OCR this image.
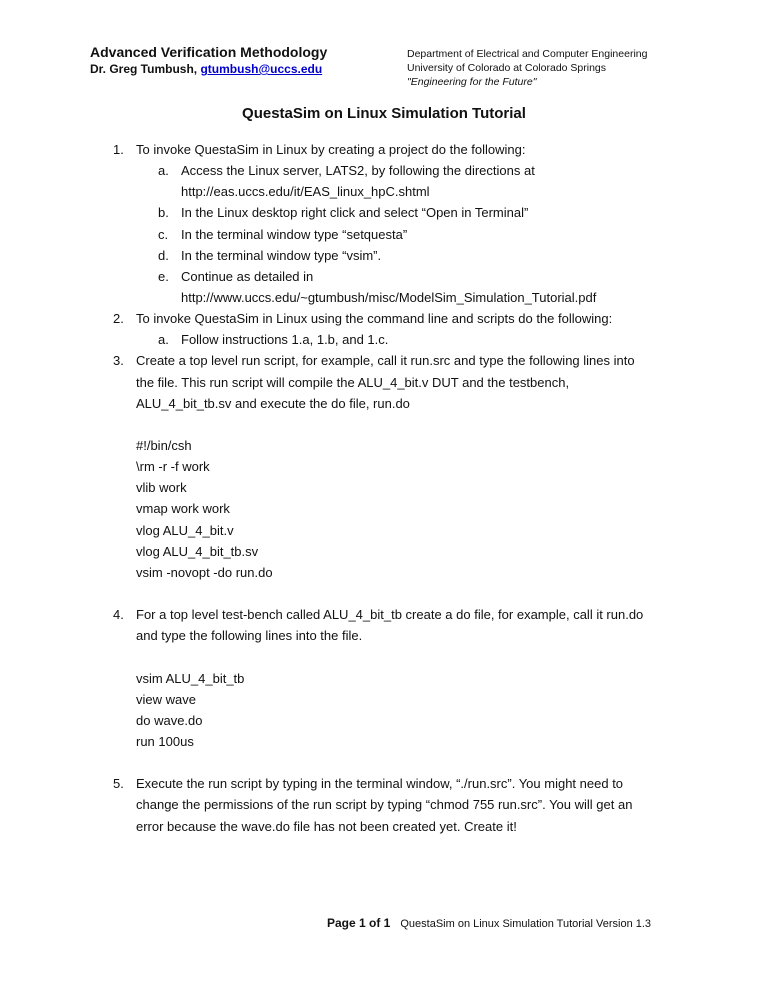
Advanced Verification Methodology
Dr. Greg Tumbush, gtumbush@uccs.edu
Department of Electrical and Computer Engineering
University of Colorado at Colorado Springs
"Engineering for the Future"
QuestaSim on Linux Simulation Tutorial
1. To invoke QuestaSim in Linux by creating a project do the following:
a. Access the Linux server, LATS2, by following the directions at
http://eas.uccs.edu/it/EAS_linux_hpC.shtml
b. In the Linux desktop right click and select “Open in Terminal”
c. In the terminal window type “setquesta”
d. In the terminal window type “vsim”.
e. Continue as detailed in
http://www.uccs.edu/~gtumbush/misc/ModelSim_Simulation_Tutorial.pdf
2. To invoke QuestaSim in Linux using the command line and scripts do the following:
a. Follow instructions 1.a, 1.b, and 1.c.
3. Create a top level run script, for example, call it run.src and type the following lines into
the file. This run script will compile the ALU_4_bit.v DUT and the testbench,
ALU_4_bit_tb.sv and execute the do file, run.do
#!/bin/csh
\rm -r -f work
vlib work
vmap work work
vlog ALU_4_bit.v
vlog ALU_4_bit_tb.sv
vsim -novopt -do run.do
4. For a top level test-bench called ALU_4_bit_tb create a do file, for example, call it run.do
and type the following lines into the file.
vsim ALU_4_bit_tb
view wave
do wave.do
run 100us
5. Execute the run script by typing in the terminal window, “./run.src”. You might need to
change the permissions of the run script by typing “chmod 755 run.src”. You will get an
error because the wave.do file has not been created yet. Create it!
Page 1 of 1 QuestaSim on Linux Simulation Tutorial Version 1.3
